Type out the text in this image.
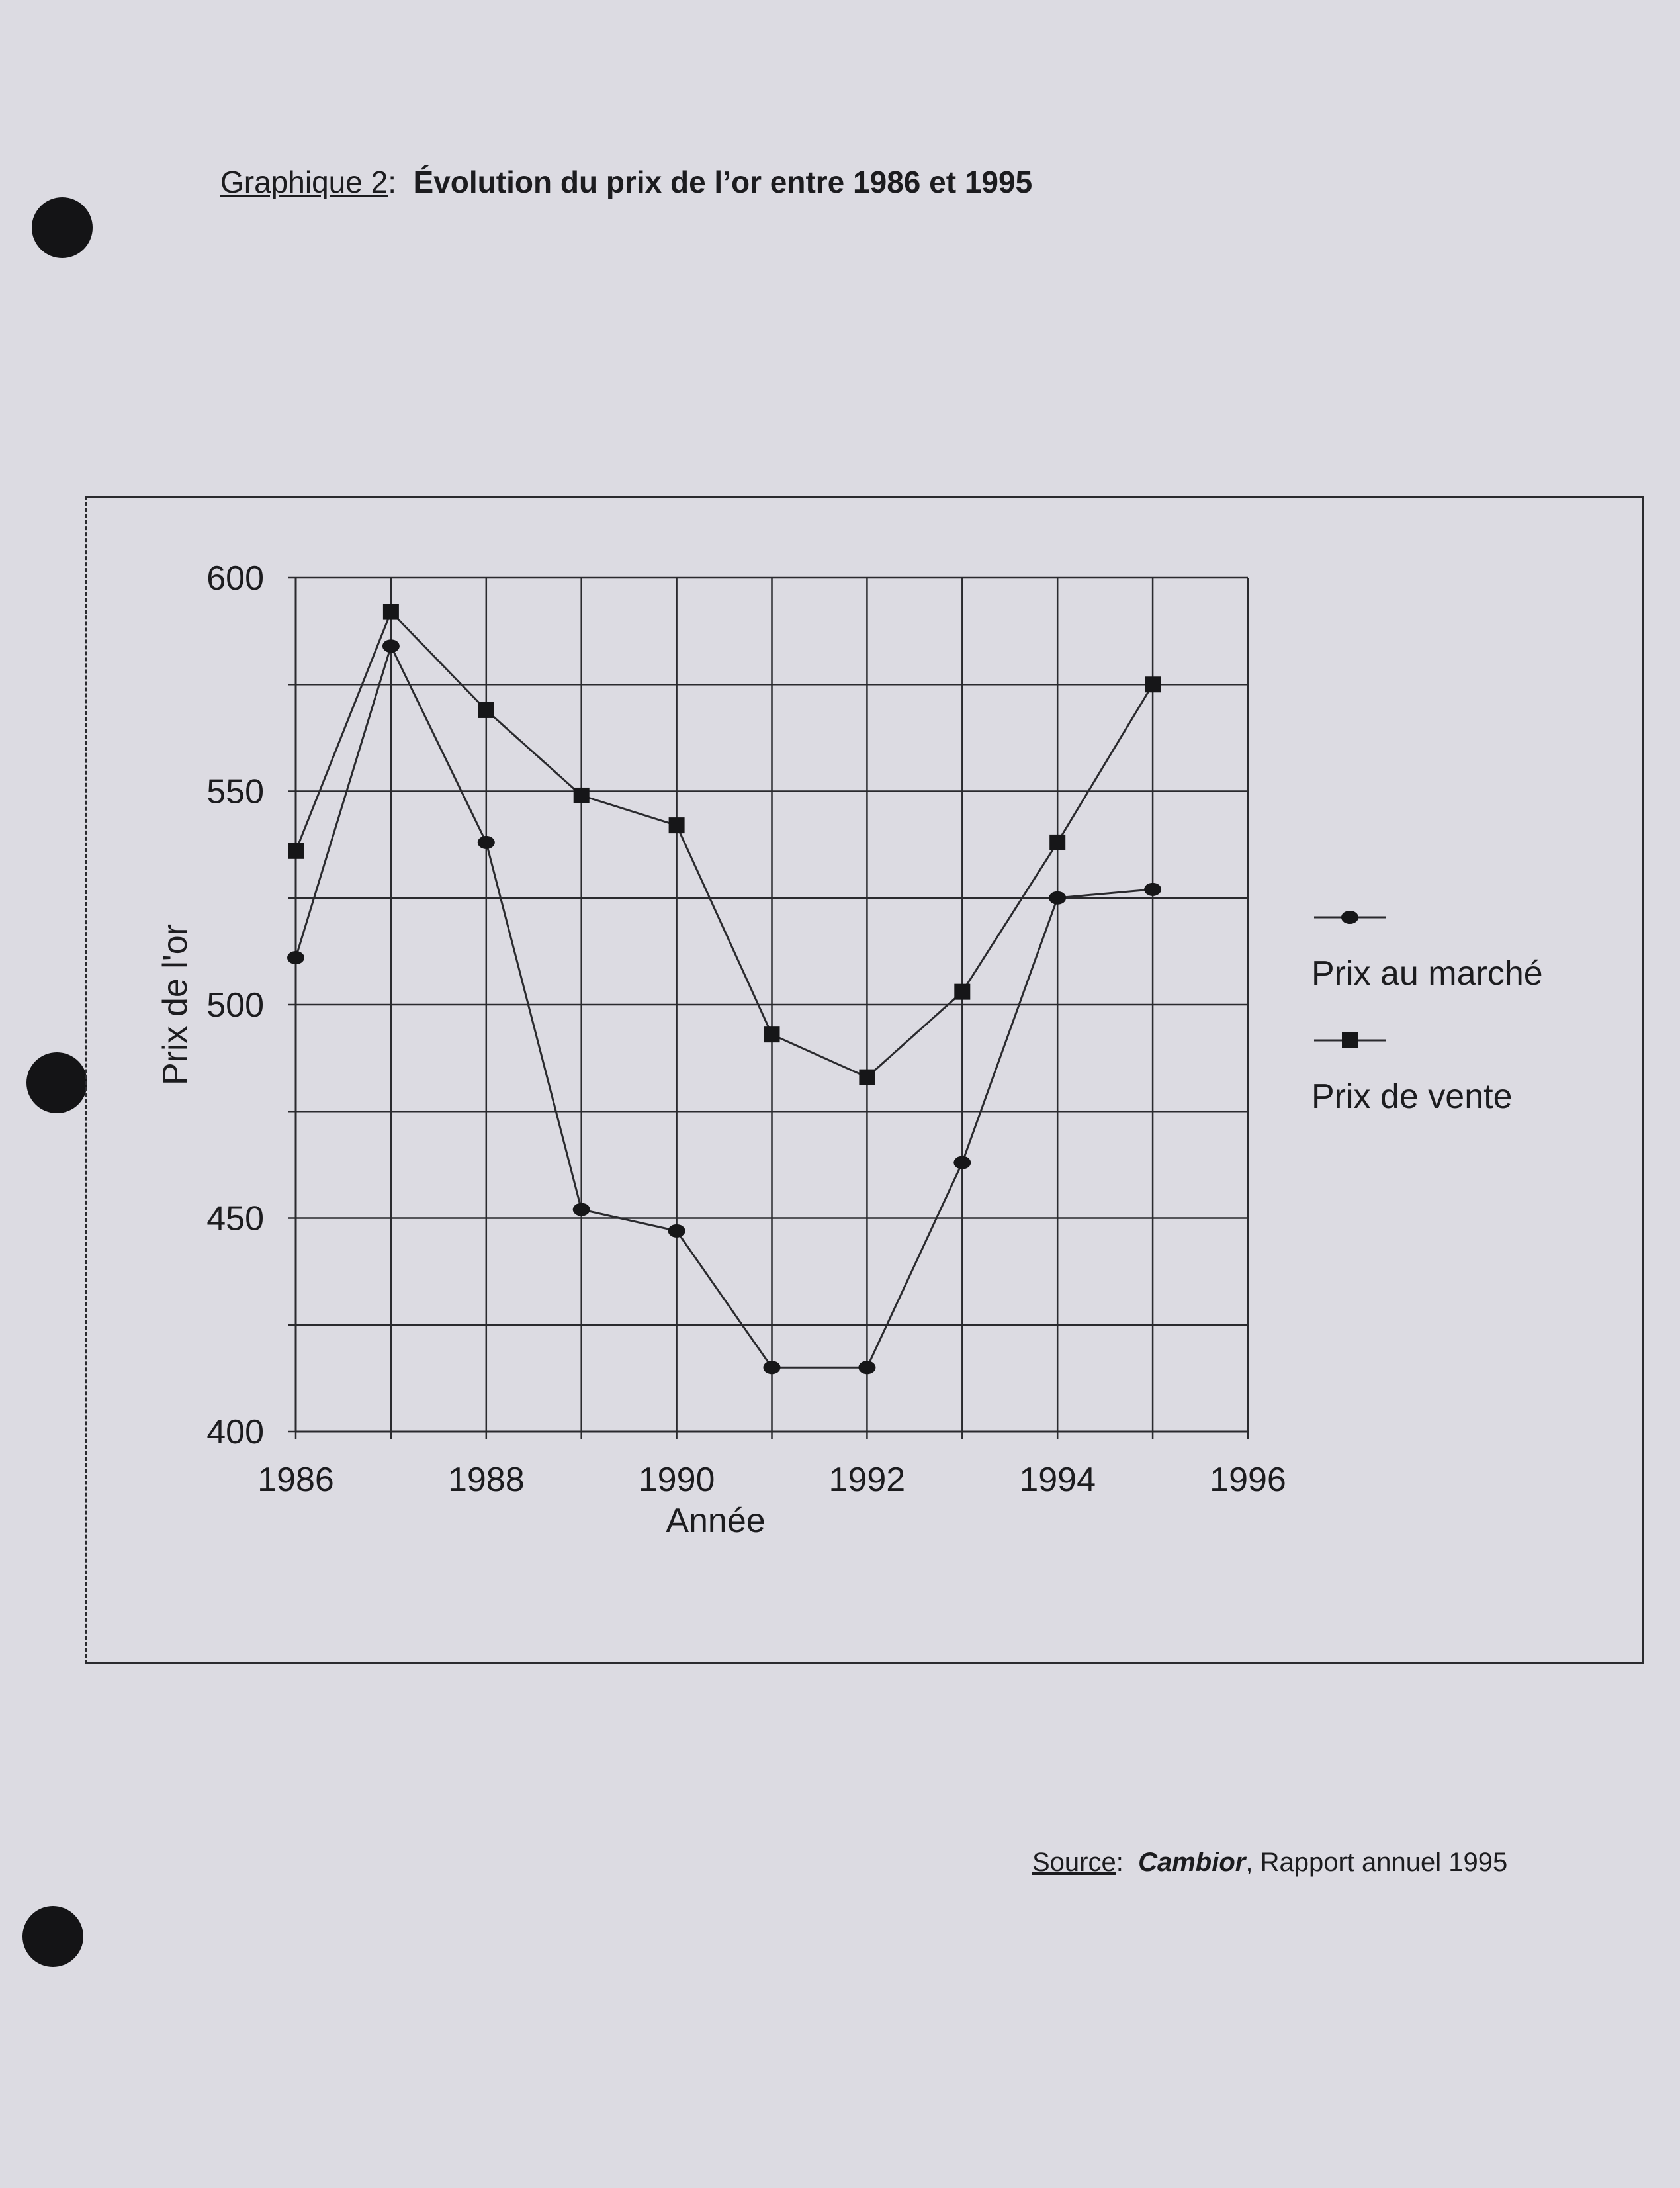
Graphique 2: Évolution du prix de l’or entre 1986 et 1995
1986	1988	1990	1992	1994	1996
400
450
500
550
600
Année
Prix de l'or	Prix au marché
Prix de vente
Source: Cambior, Rapport annuel 1995
